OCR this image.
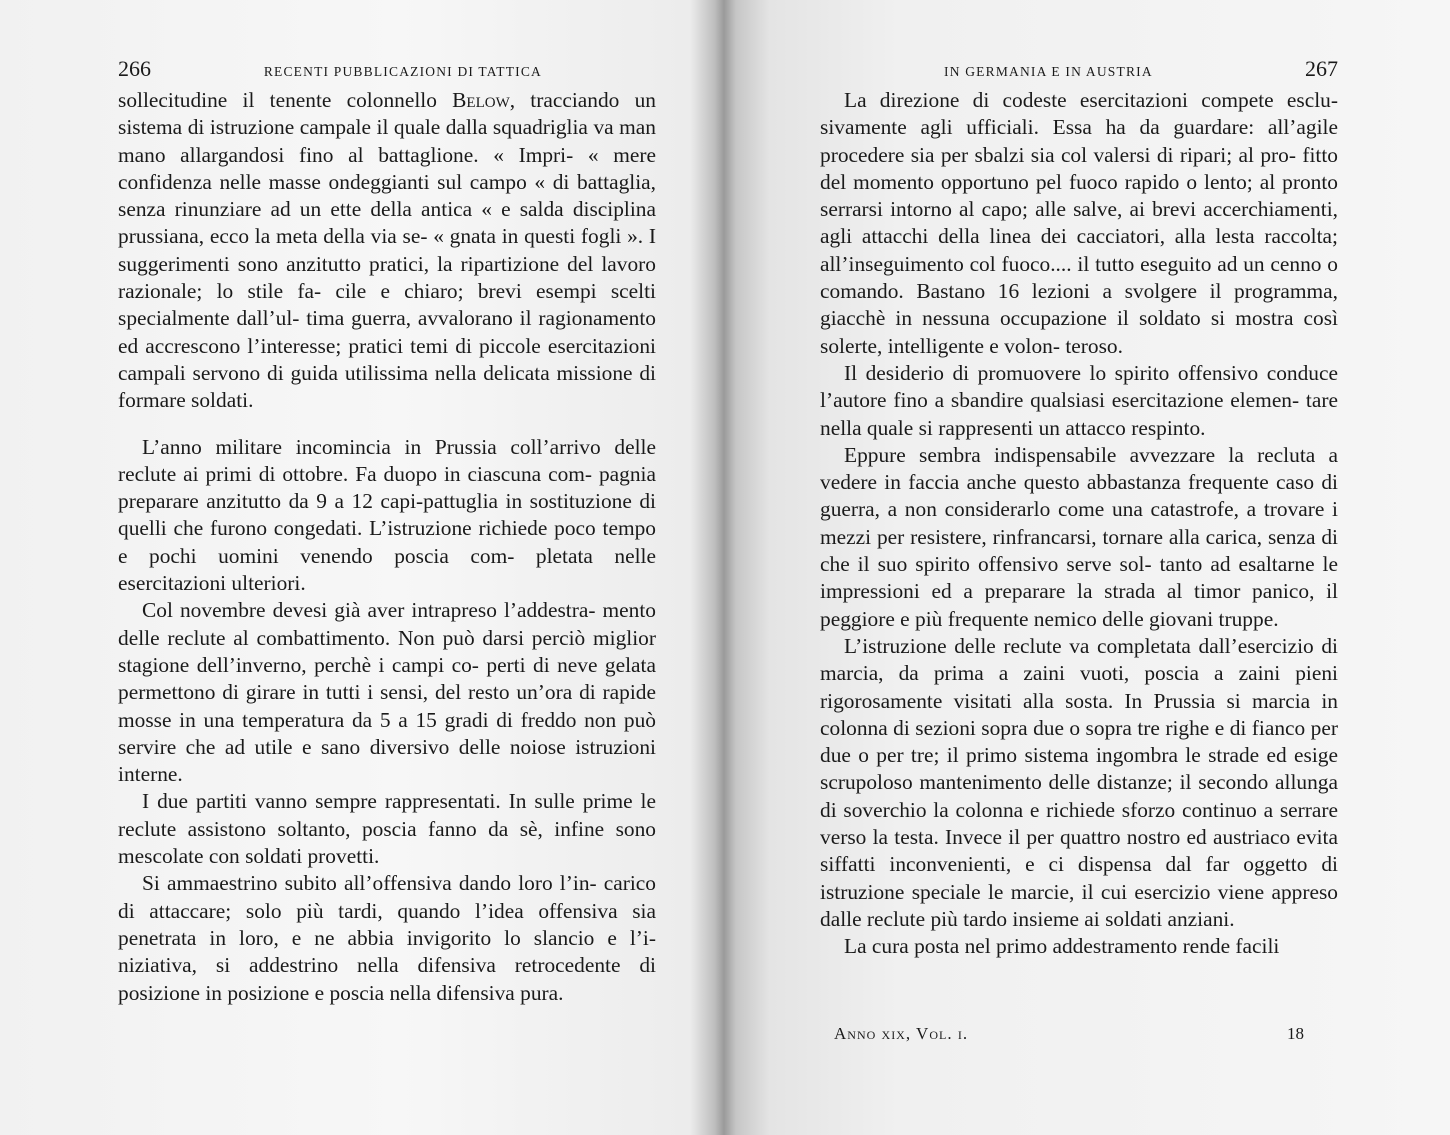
266	RECENTI PUBBLICAZIONI DI TATTICA

sollecitudine il tenente colonnello Below, tracciando un sistema di istruzione campale il quale dalla squadriglia va man mano allargandosi fino al battaglione. « Impri- « mere confidenza nelle masse ondeggianti sul campo « di battaglia, senza rinunziare ad un ette della antica « e salda disciplina prussiana, ecco la meta della via se- « gnata in questi fogli ». I suggerimenti sono anzitutto pratici, la ripartizione del lavoro razionale; lo stile fa- cile e chiaro; brevi esempi scelti specialmente dall’ul- tima guerra, avvalorano il ragionamento ed accrescono l’interesse; pratici temi di piccole esercitazioni campali servono di guida utilissima nella delicata missione di formare soldati.

L’anno militare incomincia in Prussia coll’arrivo delle reclute ai primi di ottobre. Fa duopo in ciascuna com- pagnia preparare anzitutto da 9 a 12 capi-pattuglia in sostituzione di quelli che furono congedati. L’istruzione richiede poco tempo e pochi uomini venendo poscia com- pletata nelle esercitazioni ulteriori.

Col novembre devesi già aver intrapreso l’addestra- mento delle reclute al combattimento. Non può darsi perciò miglior stagione dell’inverno, perchè i campi co- perti di neve gelata permettono di girare in tutti i sensi, del resto un’ora di rapide mosse in una temperatura da 5 a 15 gradi di freddo non può servire che ad utile e sano diversivo delle noiose istruzioni interne.

I due partiti vanno sempre rappresentati. In sulle prime le reclute assistono soltanto, poscia fanno da sè, infine sono mescolate con soldati provetti.

Si ammaestrino subito all’offensiva dando loro l’in- carico di attaccare; solo più tardi, quando l’idea offensiva sia penetrata in loro, e ne abbia invigorito lo slancio e l’i- niziativa, si addestrino nella difensiva retrocedente di posizione in posizione e poscia nella difensiva pura.

IN GERMANIA E IN AUSTRIA	267

La direzione di codeste esercitazioni compete esclu- sivamente agli ufficiali. Essa ha da guardare: all’agile procedere sia per sbalzi sia col valersi di ripari; al pro- fitto del momento opportuno pel fuoco rapido o lento; al pronto serrarsi intorno al capo; alle salve, ai brevi accerchiamenti, agli attacchi della linea dei cacciatori, alla lesta raccolta; all’inseguimento col fuoco.... il tutto eseguito ad un cenno o comando. Bastano 16 lezioni a svolgere il programma, giacchè in nessuna occupazione il soldato si mostra così solerte, intelligente e volon- teroso.

Il desiderio di promuovere lo spirito offensivo conduce l’autore fino a sbandire qualsiasi esercitazione elemen- tare nella quale si rappresenti un attacco respinto.

Eppure sembra indispensabile avvezzare la recluta a vedere in faccia anche questo abbastanza frequente caso di guerra, a non considerarlo come una catastrofe, a trovare i mezzi per resistere, rinfrancarsi, tornare alla carica, senza di che il suo spirito offensivo serve sol- tanto ad esaltarne le impressioni ed a preparare la strada al timor panico, il peggiore e più frequente nemico delle giovani truppe.

L’istruzione delle reclute va completata dall’esercizio di marcia, da prima a zaini vuoti, poscia a zaini pieni rigorosamente visitati alla sosta. In Prussia si marcia in colonna di sezioni sopra due o sopra tre righe e di fianco per due o per tre; il primo sistema ingombra le strade ed esige scrupoloso mantenimento delle distanze; il secondo allunga di soverchio la colonna e richiede sforzo continuo a serrare verso la testa. Invece il per quattro nostro ed austriaco evita siffatti inconvenienti, e ci dispensa dal far oggetto di istruzione speciale le marcie, il cui esercizio viene appreso dalle reclute più tardo insieme ai soldati anziani.

La cura posta nel primo addestramento rende facili

Anno xix, Vol. i.	18
